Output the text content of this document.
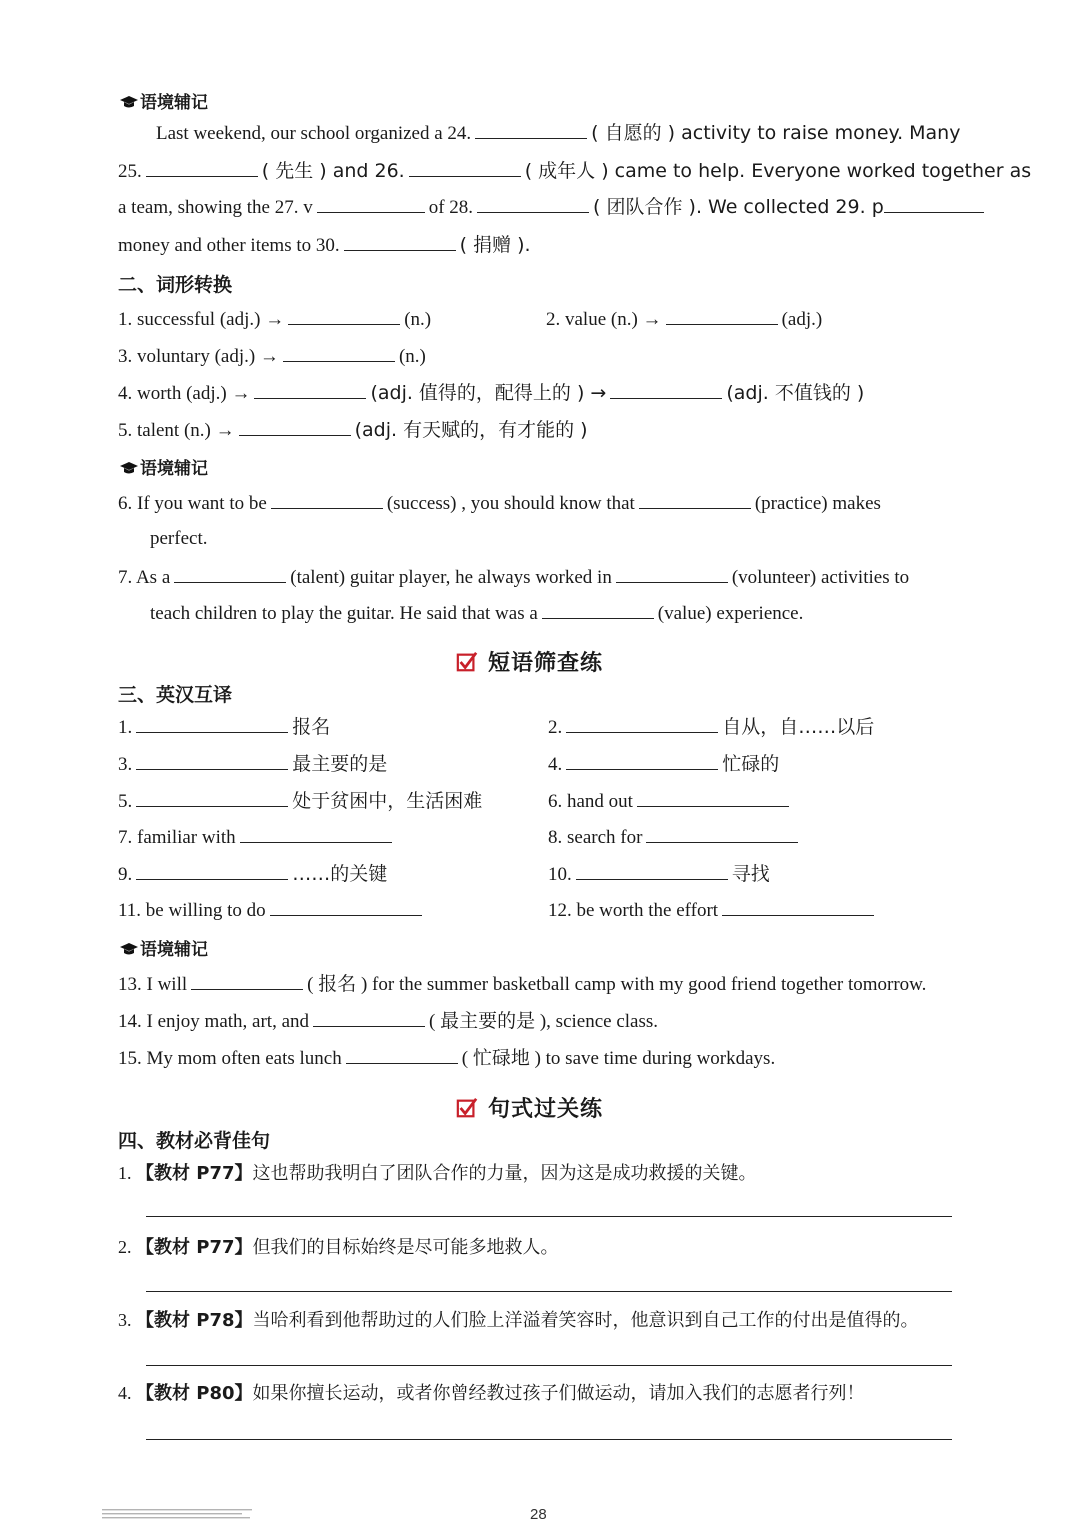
语境辅记
Last weekend, our school organized a 24.	( 自愿的 ) activity to raise money. Many
25.	( 先生 ) and 26.	( 成年人 ) came to help. Everyone worked together as
a team, showing the 27. v	of 28.	( 团队合作 ). We collected 29. p
money and other items to 30.	( 捐赠 ).
二、词形转换
1. successful (adj.) →	(n.)	2. value (n.) →	(adj.)
3. voluntary (adj.) →	(n.)
4. worth (adj.) →	(adj. 值得的，配得上的 ) →	(adj. 不值钱的 )
5. talent (n.) →	(adj. 有天赋的，有才能的 )
语境辅记
6. If you want to be	(success) , you should know that	(practice) makes
perfect.
7. As a	(talent) guitar player, he always worked in	(volunteer) activities to
teach children to play the guitar. He said that was a	(value) experience.
短语筛查练
三、英汉互译
1.	报名	2.	自从，自……以后
3.	最主要的是	4.	忙碌的
5.	处于贫困中，生活困难	6. hand out
7. familiar with	8. search for
9.	……的关键	10.	寻找
11. be willing to do	12. be worth the effort
语境辅记
13. I will	( 报名 ) for the summer basketball camp with my good friend together tomorrow.
14. I enjoy math, art, and	( 最主要的是 ), science class.
15. My mom often eats lunch	( 忙碌地 ) to save time during workdays.
句式过关练
四、教材必背佳句
1. 【教材 P77】这也帮助我明白了团队合作的力量，因为这是成功救援的关键。
2. 【教材 P77】但我们的目标始终是尽可能多地救人。
3. 【教材 P78】当哈利看到他帮助过的人们脸上洋溢着笑容时，他意识到自己工作的付出是值得的。
4. 【教材 P80】如果你擅长运动，或者你曾经教过孩子们做运动，请加入我们的志愿者行列！
28
